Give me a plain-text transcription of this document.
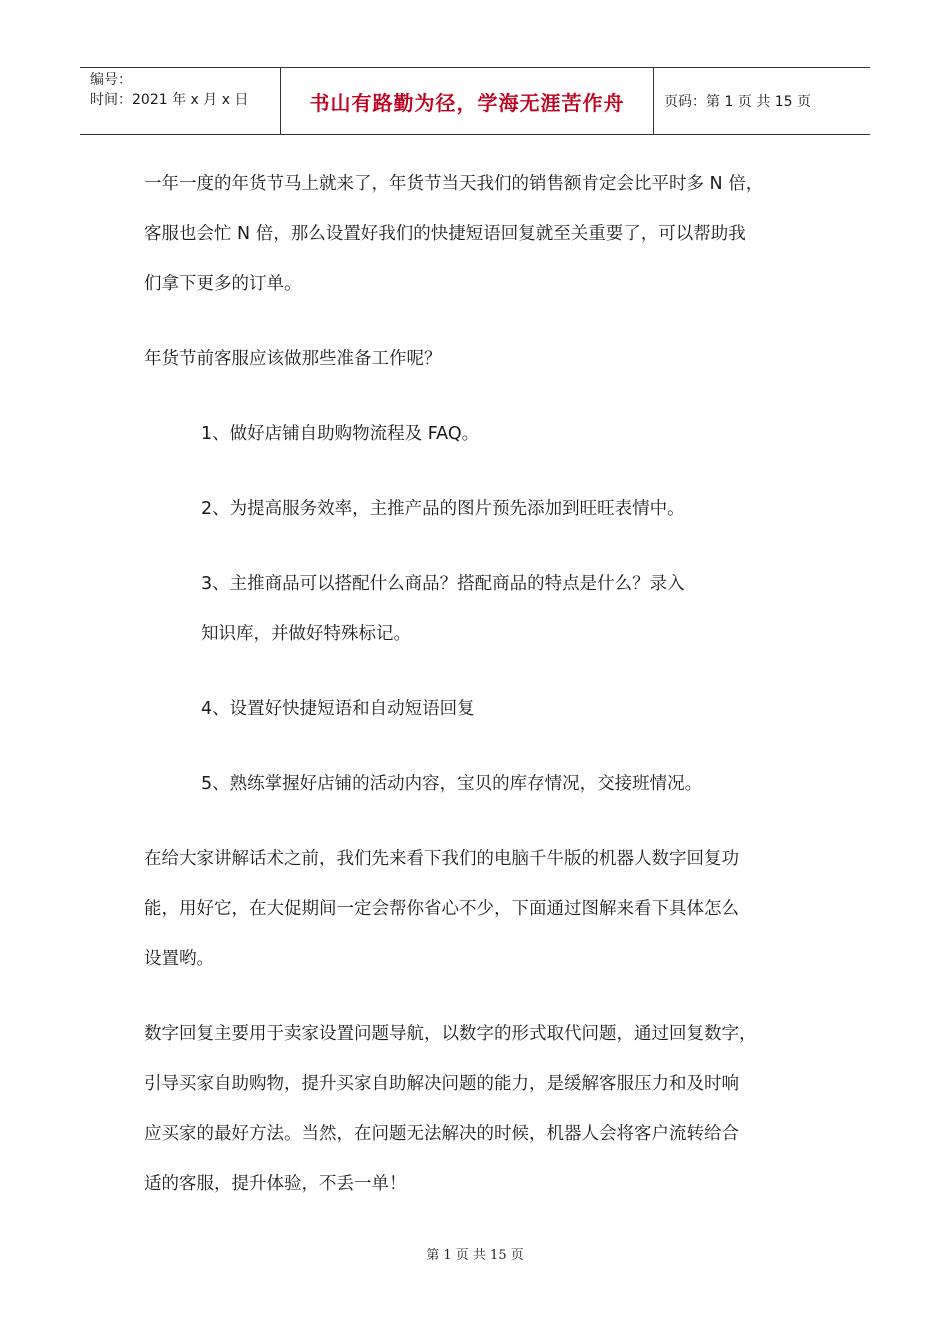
编号：
时间：2021 年 x 月 x 日	书山有路勤为径，学海无涯苦作舟	页码：第 1 页 共 15 页
一年一度的年货节马上就来了，年货节当天我们的销售额肯定会比平时多 N 倍，
客服也会忙 N 倍，那么设置好我们的快捷短语回复就至关重要了，可以帮助我
们拿下更多的订单。
年货节前客服应该做那些准备工作呢？
1、做好店铺自助购物流程及 FAQ。
2、为提高服务效率，主推产品的图片预先添加到旺旺表情中。
3、主推商品可以搭配什么商品？搭配商品的特点是什么？录入
知识库，并做好特殊标记。
4、设置好快捷短语和自动短语回复
5、熟练掌握好店铺的活动内容，宝贝的库存情况，交接班情况。
在给大家讲解话术之前，我们先来看下我们的电脑千牛版的机器人数字回复功
能，用好它，在大促期间一定会帮你省心不少，下面通过图解来看下具体怎么
设置哟。
数字回复主要用于卖家设置问题导航，以数字的形式取代问题，通过回复数字，
引导买家自助购物，提升买家自助解决问题的能力，是缓解客服压力和及时响
应买家的最好方法。当然，在问题无法解决的时候，机器人会将客户流转给合
适的客服，提升体验，不丢一单！
第 1 页 共 15 页
